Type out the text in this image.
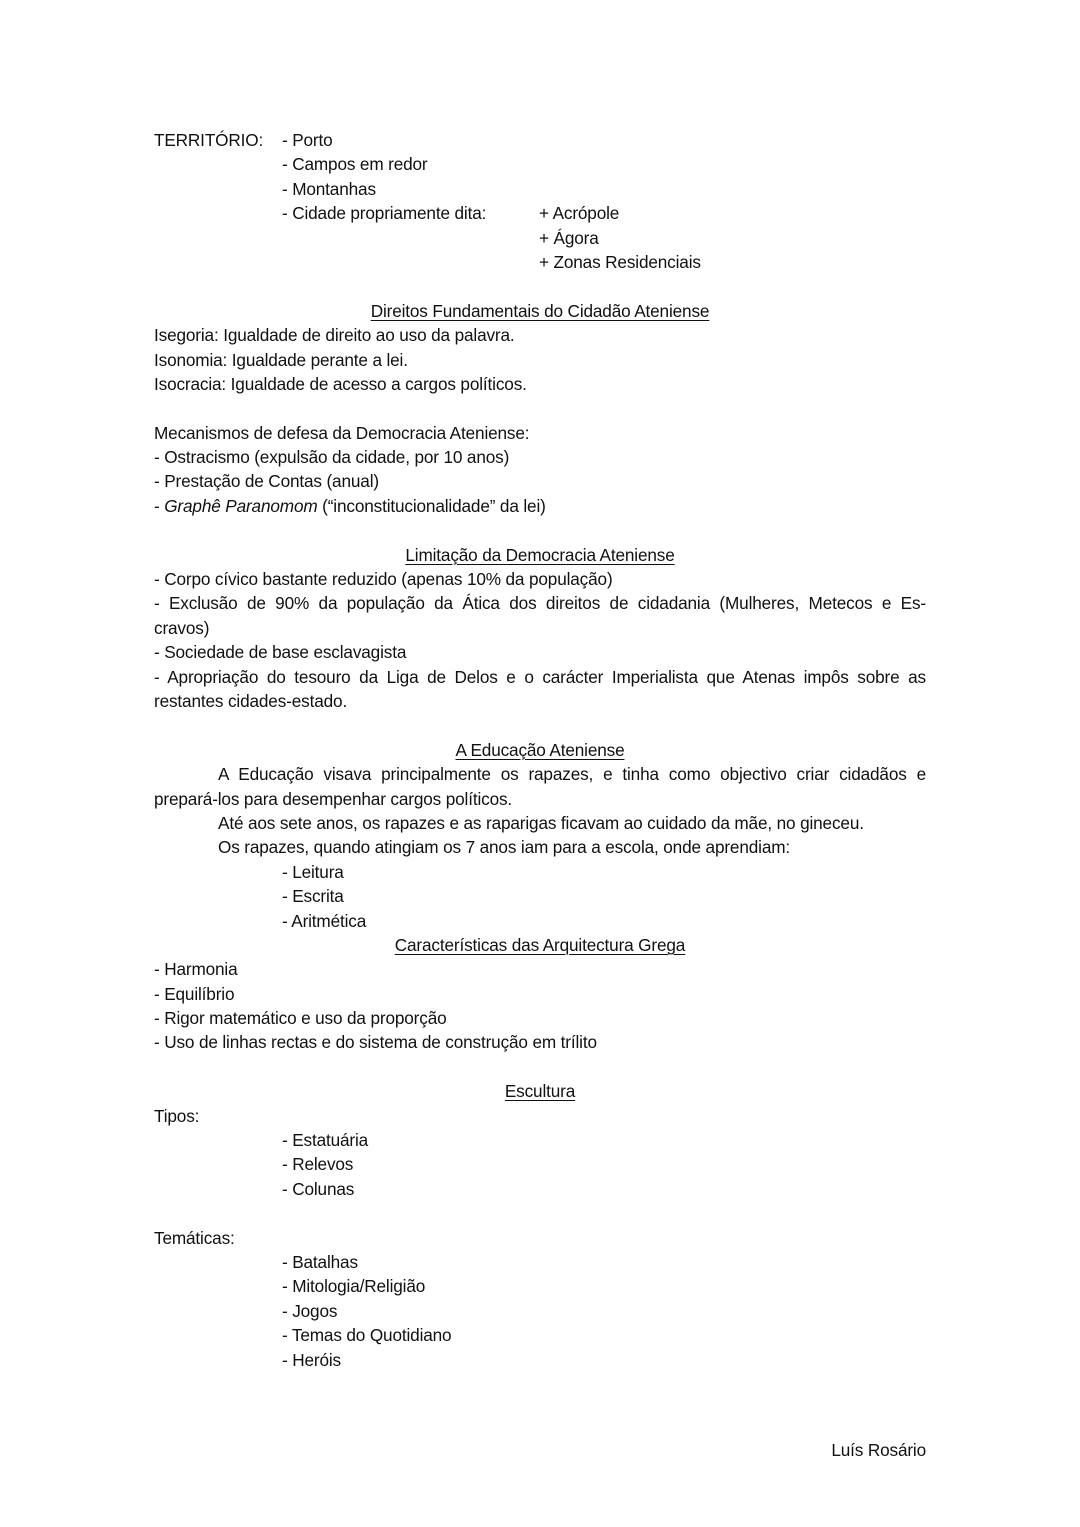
TERRITÓRIO: - Porto
- Campos em redor
- Montanhas
- Cidade propriamente dita:	+ Acrópole
+ Ágora
+ Zonas Residenciais
Direitos Fundamentais do Cidadão Ateniense
Isegoria: Igualdade de direito ao uso da palavra.
Isonomia: Igualdade perante a lei.
Isocracia: Igualdade de acesso a cargos políticos.
Mecanismos de defesa da Democracia Ateniense:
- Ostracismo (expulsão da cidade, por 10 anos)
- Prestação de Contas (anual)
- Graphê Paranomom (“inconstitucionalidade” da lei)
Limitação da Democracia Ateniense
- Corpo cívico bastante reduzido (apenas 10% da população)
- Exclusão de 90% da população da Ática dos direitos de cidadania (Mulheres, Metecos e Es-
cravos)
- Sociedade de base esclavagista
- Apropriação do tesouro da Liga de Delos e o carácter Imperialista que Atenas impôs sobre as
restantes cidades-estado.
A Educação Ateniense
A Educação visava principalmente os rapazes, e tinha como objectivo criar cidadãos e
prepará-los para desempenhar cargos políticos.
Até aos sete anos, os rapazes e as raparigas ficavam ao cuidado da mãe, no gineceu.
Os rapazes, quando atingiam os 7 anos iam para a escola, onde aprendiam:
- Leitura
- Escrita
- Aritmética
Características das Arquitectura Grega
- Harmonia
- Equilíbrio
- Rigor matemático e uso da proporção
- Uso de linhas rectas e do sistema de construção em trílito
Escultura
Tipos:
- Estatuária
- Relevos
- Colunas
Temáticas:
- Batalhas
- Mitologia/Religião
- Jogos
- Temas do Quotidiano
- Heróis
Luís Rosário
